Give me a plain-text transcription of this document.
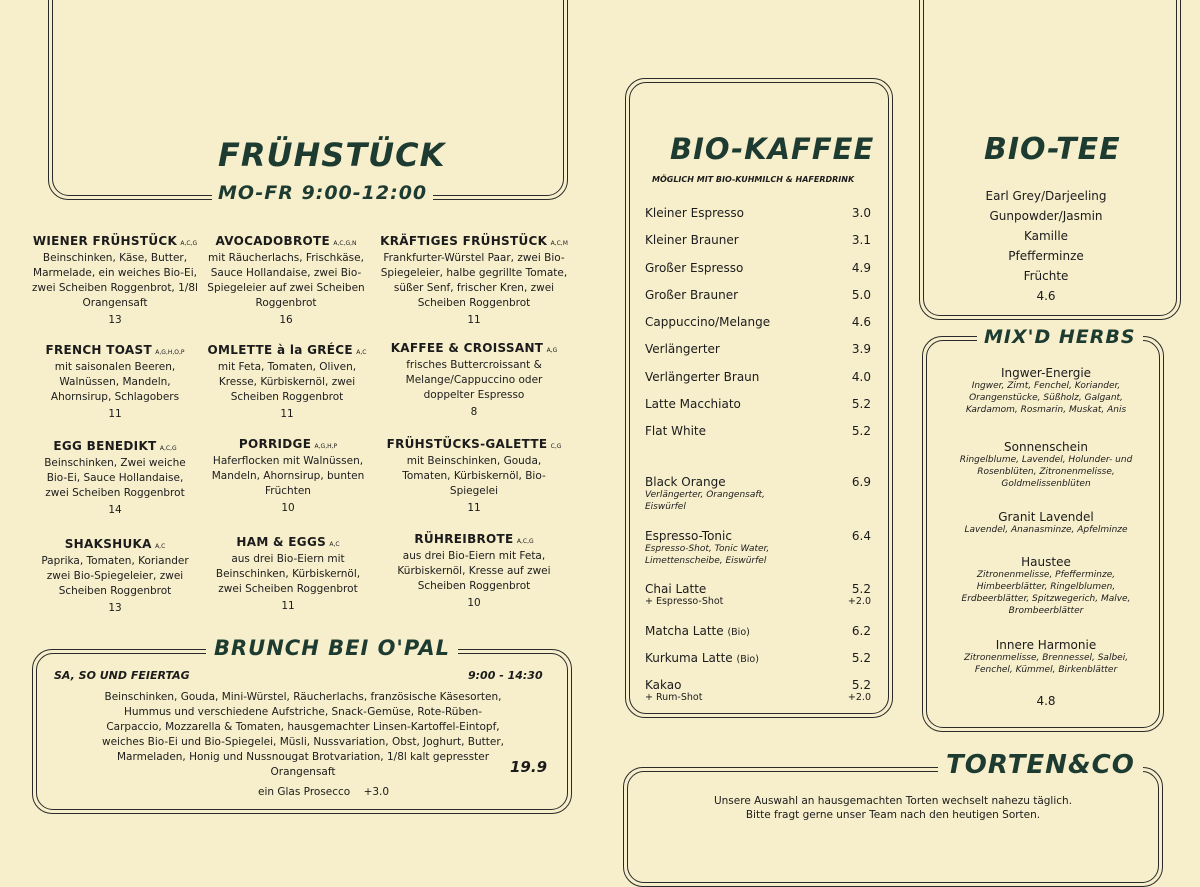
FRÜHSTÜCK
MO-FR 9:00-12:00
WIENER FRÜHSTÜCK A,C,G
Beinschinken, Käse, Butter, Marmelade, ein weiches Bio-Ei, zwei Scheiben Roggenbrot, 1/8l Orangensaft
13
AVOCADOBROTE A,C,G,N
mit Räucherlachs, Frischkäse, Sauce Hollandaise, zwei Bio-Spiegeleier auf zwei Scheiben Roggenbrot
16
KRÄFTIGES FRÜHSTÜCK A,C,M
Frankfurter-Würstel Paar, zwei Bio-Spiegeleier, halbe gegrillte Tomate, süßer Senf, frischer Kren, zwei Scheiben Roggenbrot
11
FRENCH TOAST A,G,H,O,P
mit saisonalen Beeren, Walnüssen, Mandeln, Ahornsirup, Schlagobers
11
OMLETTE à la GRÉCE A,C
mit Feta, Tomaten, Oliven, Kresse, Kürbiskernöl, zwei Scheiben Roggenbrot
11
KAFFEE & CROISSANT A,G
frisches Buttercroissant & Melange/Cappuccino oder doppelter Espresso
8
EGG BENEDIKT A,C,G
Beinschinken, Zwei weiche Bio-Ei, Sauce Hollandaise, zwei Scheiben Roggenbrot
14
PORRIDGE A,G,H,P
Haferflocken mit Walnüssen, Mandeln, Ahornsirup, bunten Früchten
10
FRÜHSTÜCKS-GALETTE C,G
mit Beinschinken, Gouda, Tomaten, Kürbiskernöl, Bio-Spiegelei
11
SHAKSHUKA A,C
Paprika, Tomaten, Koriander zwei Bio-Spiegeleier, zwei Scheiben Roggenbrot
13
HAM & EGGS A,C
aus drei Bio-Eiern mit Beinschinken, Kürbiskernöl, zwei Scheiben Roggenbrot
11
RÜHREIBROTE A,C,G
aus drei Bio-Eiern mit Feta, Kürbiskernöl, Kresse auf zwei Scheiben Roggenbrot
10
BRUNCH BEI O'PAL
SA, SO UND FEIERTAG	9:00 - 14:30
Beinschinken, Gouda, Mini-Würstel, Räucherlachs, französische Käsesorten, Hummus und verschiedene Aufstriche, Snack-Gemüse, Rote-Rüben-Carpaccio, Mozzarella & Tomaten, hausgemachter Linsen-Kartoffel-Eintopf, weiches Bio-Ei und Bio-Spiegelei, Müsli, Nussvariation, Obst, Joghurt, Butter, Marmeladen, Honig und Nussnougat Brotvariation, 1/8l kalt gepresster Orangensaft	19.9
ein Glas Prosecco +3.0
BIO-KAFFEE
MÖGLICH MIT BIO-KUHMILCH & HAFERDRINK
Kleiner Espresso	3.0
Kleiner Brauner	3.1
Großer Espresso	4.9
Großer Brauner	5.0
Cappuccino/Melange	4.6
Verlängerter	3.9
Verlängerter Braun	4.0
Latte Macchiato	5.2
Flat White	5.2
Black Orange	6.9
Verlängerter, Orangensaft, Eiswürfel
Espresso-Tonic	6.4
Espresso-Shot, Tonic Water, Limettenscheibe, Eiswürfel
Chai Latte	5.2
+ Espresso-Shot	+2.0
Matcha Latte (Bio)	6.2
Kurkuma Latte (Bio)	5.2
Kakao	5.2
+ Rum-Shot	+2.0
BIO-TEE
Earl Grey/Darjeeling
Gunpowder/Jasmin
Kamille
Pfefferminze
Früchte
4.6
MIX'D HERBS
Ingwer-Energie
Ingwer, Zimt, Fenchel, Koriander, Orangenstücke, Süßholz, Galgant, Kardamom, Rosmarin, Muskat, Anis
Sonnenschein
Ringelblume, Lavendel, Holunder- und Rosenblüten, Zitronenmelisse, Goldmelissenblüten
Granit Lavendel
Lavendel, Ananasminze, Apfelminze
Haustee
Zitronenmelisse, Pfefferminze, Himbeerblätter, Ringelblumen, Erdbeerblätter, Spitzwegerich, Malve, Brombeerblätter
Innere Harmonie
Zitronenmelisse, Brennessel, Salbei, Fenchel, Kümmel, Birkenblätter
4.8
TORTEN&CO
Unsere Auswahl an hausgemachten Torten wechselt nahezu täglich.
Bitte fragt gerne unser Team nach den heutigen Sorten.
